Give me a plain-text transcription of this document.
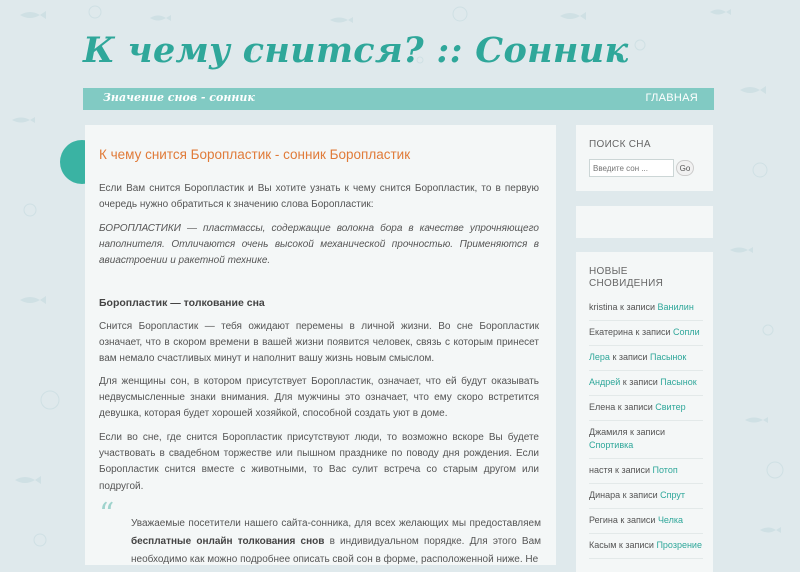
К чему снится? :: Сонник
Значение снов - сонник	ГЛАВНАЯ
К чему снится Боропластик - сонник Боропластик

Если Вам снится Боропластик и Вы хотите узнать к чему снится Боропластик, то в первую очередь нужно обратиться к значению слова Боропластик:

БОРОПЛАСТИКИ — пластмассы, содержащие волокна бора в качестве упрочняющего наполнителя. Отличаются очень высокой механической прочностью. Применяются в авиастроении и ракетной технике.

Боропластик — толкование сна

Снится Боропластик — тебя ожидают перемены в личной жизни. Во сне Боропластик означает, что в скором времени в вашей жизни появится человек, связь с которым принесет вам немало счастливых минут и наполнит вашу жизнь новым смыслом.

Для женщины сон, в котором присутствует Боропластик, означает, что ей будут оказывать недвусмысленные знаки внимания. Для мужчины это означает, что ему скоро встретится девушка, которая будет хорошей хозяйкой, способной создать уют в доме.

Если во сне, где снится Боропластик присутствуют люди, то возможно вскоре Вы будете участвовать в свадебном торжестве или пышном празднике по поводу дня рождения. Если Боропластик снится вместе с животными, то Вас сулит встреча со старым другом или подругой.

“ Уважаемые посетители нашего сайта-сонника, для всех желающих мы предоставляем бесплатные онлайн толкования снов в индивидуальном порядке. Для этого Вам необходимо как можно подробнее описать свой сон в форме, расположенной ниже. Не

ПОИСК СНА
Введите сон ...
Go
НОВЫЕ СНОВИДЕНИЯ
kristina к записи Ванилин
Екатерина к записи Сопли
Лера к записи Пасынок
Андрей к записи Пасынок
Елена к записи Свитер
Джамиля к записи Спортивка
настя к записи Потоп
Динара к записи Спрут
Регина к записи Челка
Касым к записи Прозрение
